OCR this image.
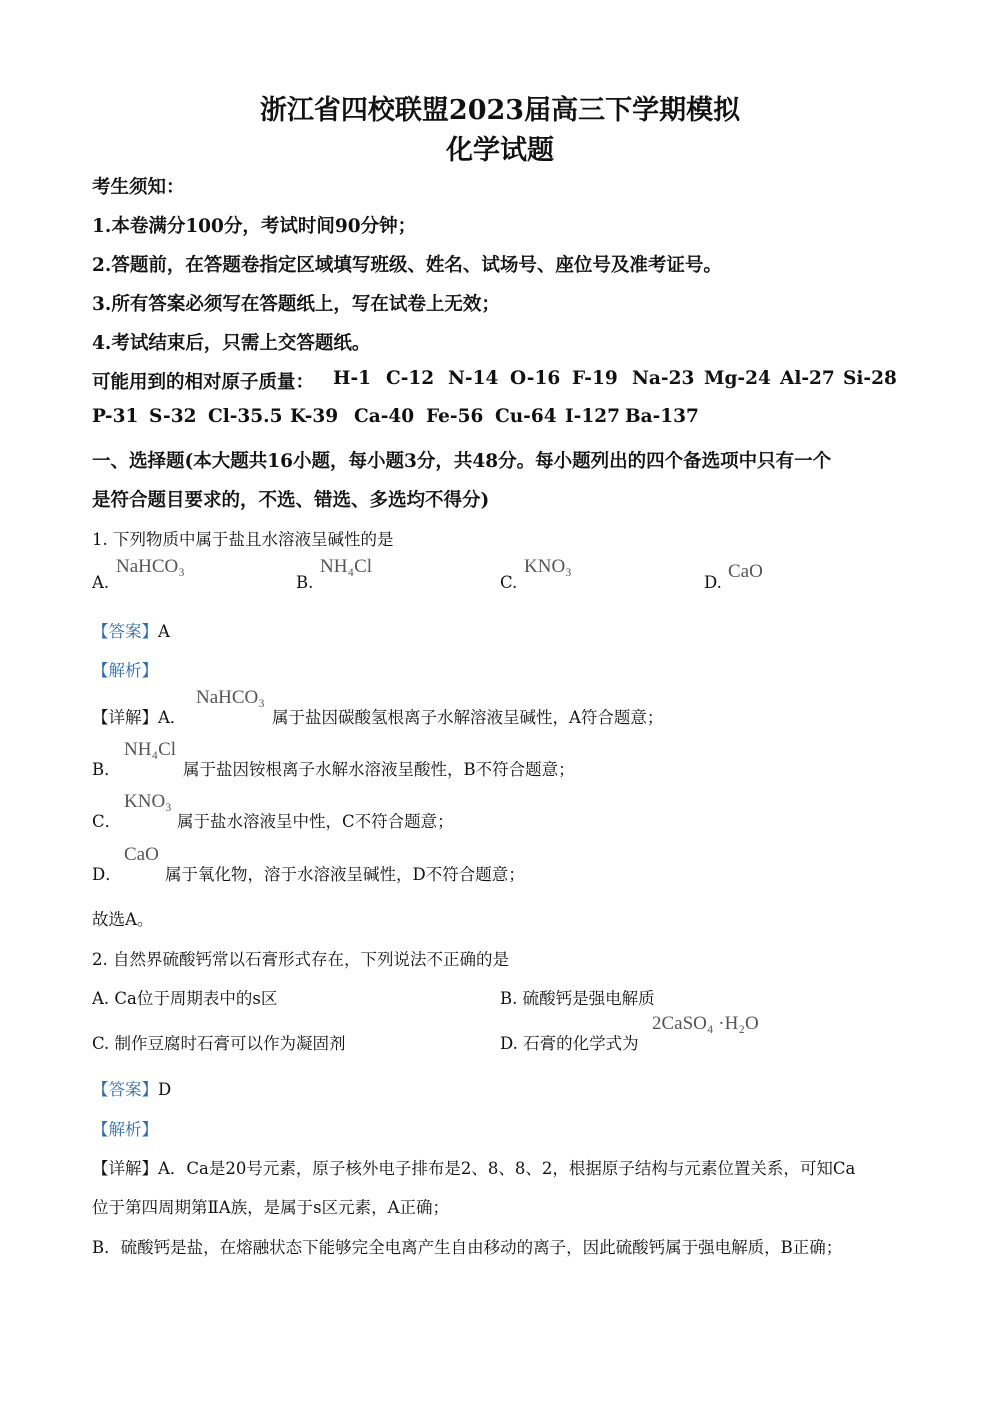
浙江省四校联盟2023届高三下学期模拟
化学试题
考生须知：
1.本卷满分100分，考试时间90分钟；
2.答题前，在答题卷指定区域填写班级、姓名、试场号、座位号及准考证号。
3.所有答案必须写在答题纸上，写在试卷上无效；
4.考试结束后，只需上交答题纸。
可能用到的相对原子质量： H-1 C-12 N-14 O-16 F-19 Na-23 Mg-24 Al-27 Si-28
P-31 S-32 Cl-35.5 K-39 Ca-40 Fe-56 Cu-64 I-127 Ba-137
一、选择题(本大题共16小题，每小题3分，共48分。每小题列出的四个备选项中只有一个
是符合题目要求的，不选、错选、多选均不得分)
1. 下列物质中属于盐且水溶液呈碱性的是
A.
NaHCO₃
B.
NH₄Cl
C.
KNO₃
D.
CaO
【答案】A
【解析】
【详解】A．
NaHCO₃
属于盐因碳酸氢根离子水解溶液呈碱性，A符合题意；
B．
NH₄Cl
属于盐因铵根离子水解水溶液呈酸性，B不符合题意；
C．
KNO₃
属于盐水溶液呈中性，C不符合题意；
D．
CaO
属于氧化物，溶于水溶液呈碱性，D不符合题意；
故选A。
2. 自然界硫酸钙常以石膏形式存在，下列说法不正确的是
A. Ca位于周期表中的s区	B. 硫酸钙是强电解质
C. 制作豆腐时石膏可以作为凝固剂	D. 石膏的化学式为
2CaSO₄ ·H₂O
【答案】D
【解析】
【详解】A．Ca是20号元素，原子核外电子排布是2、8、8、2，根据原子结构与元素位置关系，可知Ca
位于第四周期第ⅡA族，是属于s区元素，A正确；
B．硫酸钙是盐，在熔融状态下能够完全电离产生自由移动的离子，因此硫酸钙属于强电解质，B正确；
